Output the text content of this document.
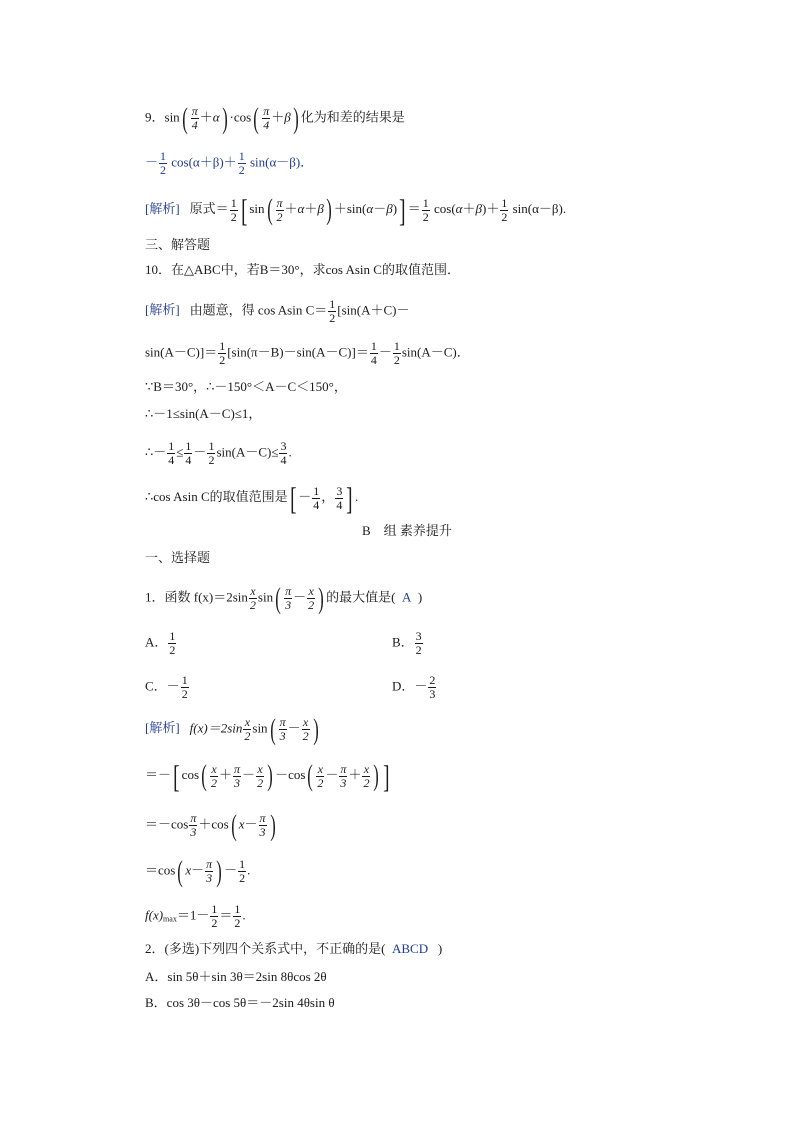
9．$\sin( \frac{\pi}{4} +\alpha) \cdot\cos( \frac{\pi}{4} +\beta)$ 化为和差的结果是
－ $\frac{1}{2} \cos(\alpha+\beta)+ \frac{1}{2} \sin(\alpha-\beta)$．
[解析] 原式＝ $\frac{1}{2}$ [ $\sin( \frac{\pi}{2} +\alpha+\beta) +\sin(\alpha-\beta)] = \frac{1}{2} \cos(\alpha+\beta)+ \frac{1}{2} \sin(\alpha-\beta)$.
三、解答题
10．在△ABC中，若B＝30°，求cos Asin C的取值范围．
[解析] 由题意，得 cos Asin $C= \frac{1}{2} [\sin(A+C)-$
$\sin(A-C)]= \frac{1}{2} [\sin(\pi-B)-\sin(A-C)]= \frac{1}{4} - \frac{1}{2} \sin(A-C)$．
∵B＝30°，∴－150°＜A－C＜150°，
∴－1≤sin(A－C)≤1，
∴－ $\frac{1}{4} \le \frac{1}{4} - \frac{1}{2} \sin(A-C)\le \frac{3}{4}$ .
∴cos Asin C的取值范围是[ － $\frac{1}{4}$ ， $\frac{3}{4}$ ] .
B　组 素养提升
一、选择题
1．函数 $f(x)=2\sin \frac{x}{2} \sin( \frac{\pi}{3} - \frac{x}{2}$ ) 的最大值是( A  )
A． $\frac{1}{2}$	B． $\frac{3}{2}$
C．－ $\frac{1}{2}$	D．－ $\frac{2}{3}$
[解析] $f(x)=2\sin \frac{x}{2} \sin( \frac{\pi}{3} - \frac{x}{2}$ )
＝－[ $\cos( \frac{x}{2} + \frac{\pi}{3} - \frac{x}{2}$ ) $-\cos( \frac{x}{2} - \frac{\pi}{3} + \frac{x}{2}$ ) ]
$=-\cos \frac{\pi}{3} +\cos$( $x- \frac{\pi}{3}$ )
＝cos( $x- \frac{\pi}{3}$ ) － $\frac{1}{2}$ .
$f(x)_{max}=1- \frac{1}{2} = \frac{1}{2}$ .
2．(多选)下列四个关系式中，不正确的是( ABCD   )
A．sin 5θ＋sin 3θ＝2sin 8θcos 2θ
B．cos 3θ－cos 5θ＝－2sin 4θsin θ
